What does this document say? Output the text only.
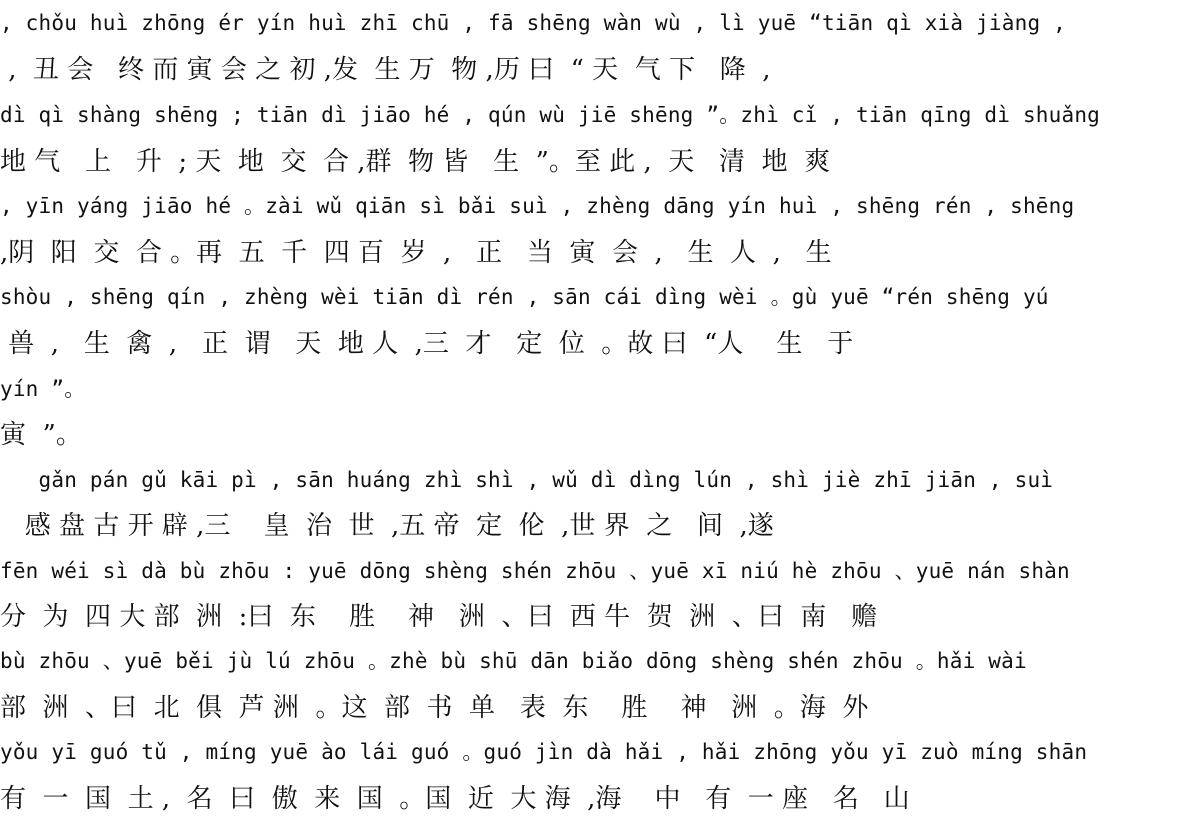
, chǒu huì zhōng ér yín huì zhī chū , fā shēng wàn wù , lì yuē “tiān qì xià jiàng ,
,  丑 会   终 而 寅 会 之 初 ,发  生 万  物 ,历 曰  “ 天  气 下   降  ,
dì qì shàng shēng ; tiān dì jiāo hé , qún wù jiē shēng ”。zhì cǐ , tiān qīng dì shuǎng
地 气   上   升  ; 天  地  交  合 ,群  物 皆   生  ”。至 此 ,  天   清  地  爽
, yīn yáng jiāo hé 。zài wǔ qiān sì bǎi suì , zhèng dāng yín huì , shēng rén , shēng
,阴  阳  交  合 。再  五  千  四 百  岁  ,   正   当  寅  会  ,   生  人  ,   生
shòu , shēng qín , zhèng wèi tiān dì rén , sān cái dìng wèi 。gù yuē “rén shēng yú
兽  ,   生  禽  ,   正  谓   天  地 人  ,三  才   定  位  。故 曰  “人    生   于
yín ”。
寅  ”。
gǎn pán gǔ kāi pì , sān huáng zhì shì , wǔ dì dìng lún , shì jiè zhī jiān , suì
感 盘 古 开 辟 ,三    皇  治  世  ,五 帝  定  伦  ,世 界  之   间  ,遂
fēn wéi sì dà bù zhōu : yuē dōng shèng shén zhōu 、yuē xī niú hè zhōu 、yuē nán shàn
分  为  四 大 部  洲  :曰  东    胜    神   洲  、曰  西 牛  贺  洲  、曰  南   赡
bù zhōu 、yuē běi jù lú zhōu 。zhè bù shū dān biǎo dōng shèng shén zhōu 。hǎi wài
部  洲  、曰  北  俱  芦 洲  。这  部  书  单   表  东    胜    神   洲  。海  外
yǒu yī guó tǔ , míng yuē ào lái guó 。guó jìn dà hǎi , hǎi zhōng yǒu yī zuò míng shān
有  一  国  土 ,  名  曰  傲  来  国  。国  近  大 海  ,海    中   有  一 座   名   山
